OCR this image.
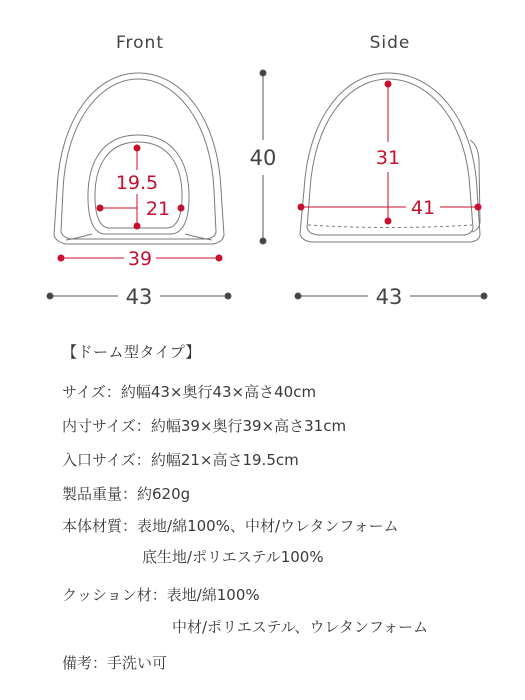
Front	Side
19.5
21
39
43
40	31
41
43
【ドーム型タイプ】
サイズ：約幅43×奥行43×高さ40cm
内寸サイズ：約幅39×奥行39×高さ31cm
入口サイズ：約幅21×高さ19.5cm
製品重量：約620g
本体材質：表地/綿100%、中材/ウレタンフォーム
底生地/ポリエステル100%
クッション材：表地/綿100%
中材/ポリエステル、ウレタンフォーム
備考：手洗い可
